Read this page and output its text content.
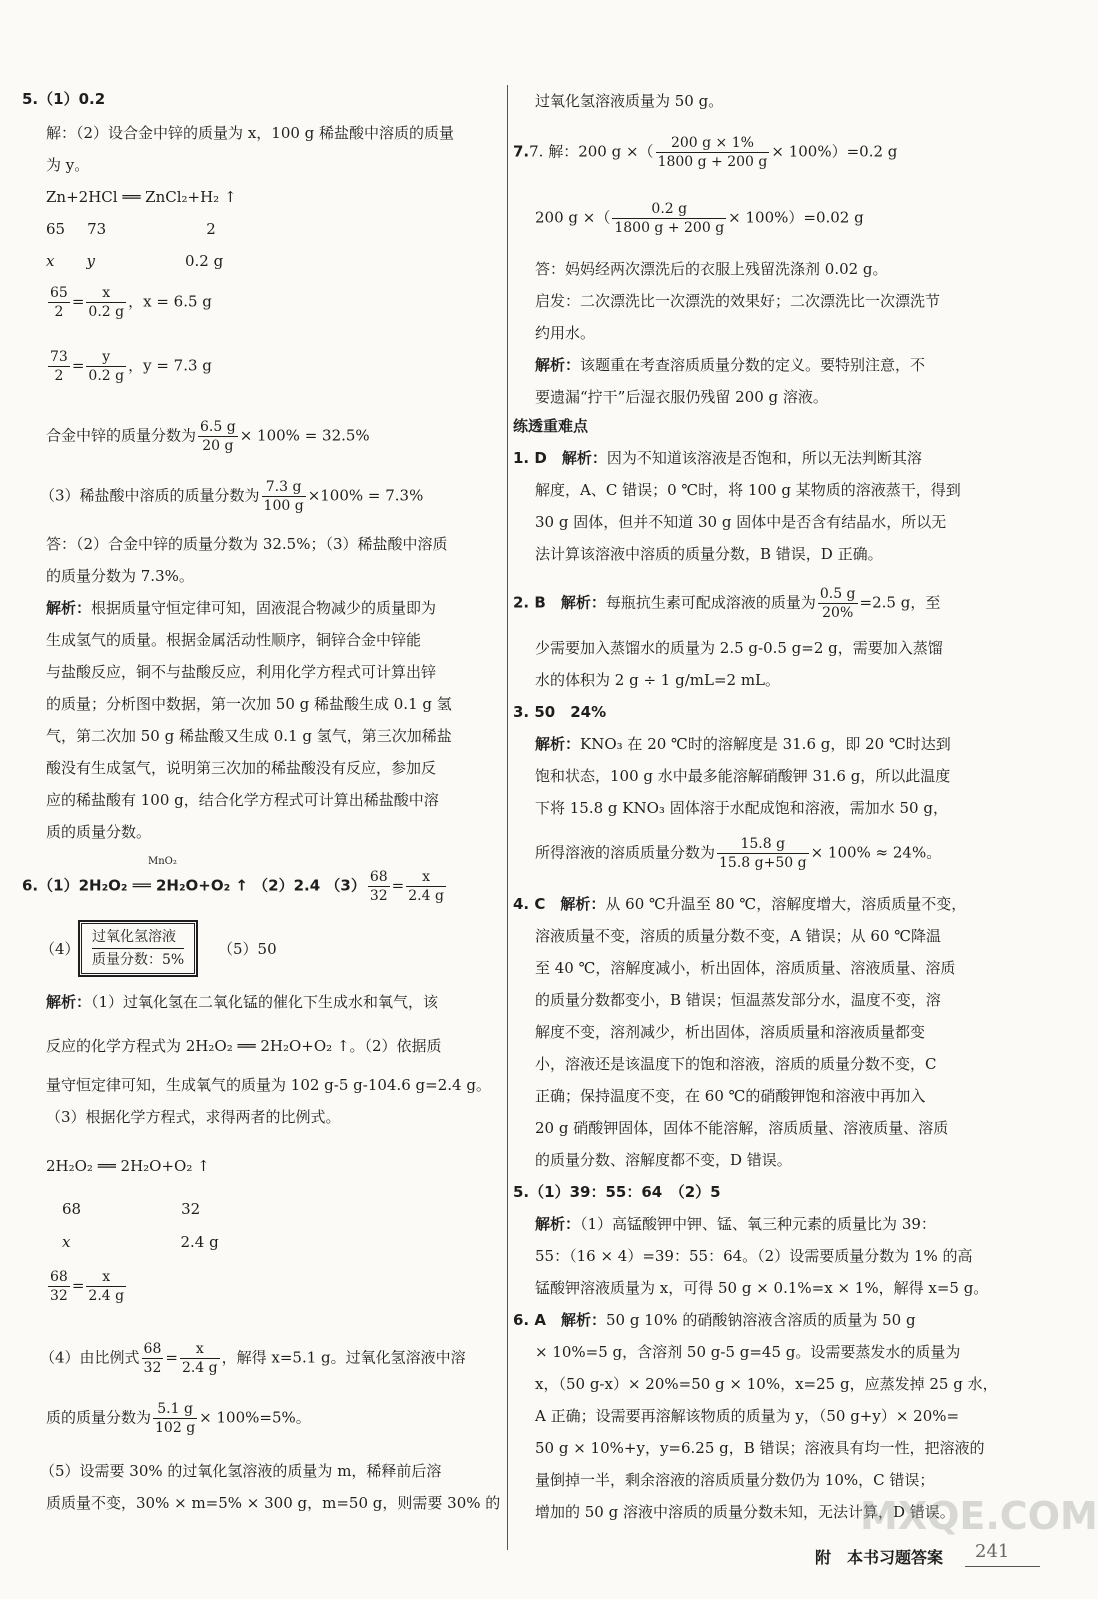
5.（1）0.2
解：（2）设合金中锌的质量为 x，100 g 稀盐酸中溶质的质量
为 y。
Zn+2HCl ══ ZnCl₂+H₂ ↑
65 73	2
x y	0.2 g
$\frac{65}{2} = \frac{x}{0.2 g}$ ，x = 6.5 g
$\frac{73}{2} = \frac{y}{0.2 g}$ ，y = 7.3 g
合金中锌的质量分数为 $\frac{6.5 g}{20 g} \times 100\% = 32.5\%$
（3）稀盐酸中溶质的质量分数为 $\frac{7.3 g}{100 g} \times 100\% = 7.3\%$
答：（2）合金中锌的质量分数为 32.5%；（3）稀盐酸中溶质
的质量分数为 7.3%。
解析：根据质量守恒定律可知，固液混合物减少的质量即为
生成氢气的质量。根据金属活动性顺序，铜锌合金中锌能
与盐酸反应，铜不与盐酸反应，利用化学方程式可计算出锌
的质量；分析图中数据，第一次加 50 g 稀盐酸生成 0.1 g 氢
气，第二次加 50 g 稀盐酸又生成 0.1 g 氢气，第三次加稀盐
酸没有生成氢气，说明第三次加的稀盐酸没有反应，参加反
应的稀盐酸有 100 g，结合化学方程式可计算出稀盐酸中溶
质的质量分数。
6.（1）2H₂O₂ ══ 2H₂O+O₂ ↑ （2）2.4 $(3) \frac{68}{32} = \frac{x}{2.4 g}$
MnO₂
（4）
过氧化氢溶液
质量分数：5%
（5）50
解析：（1）过氧化氢在二氧化锰的催化下生成水和氧气，该
反应的化学方程式为 2H₂O₂ ══ 2H₂O+O₂ ↑。（2）依据质
量守恒定律可知，生成氧气的质量为 102 g-5 g-104.6 g=2.4 g。
（3）根据化学方程式，求得两者的比例式。
2H₂O₂ ══ 2H₂O+O₂ ↑
68	32
x	2.4 g
$\frac{68}{32} = \frac{x}{2.4 g}$
（4）由比例式 $\frac{68}{32} = \frac{x}{2.4 g}$ ，解得 x=5.1 g。过氧化氢溶液中溶
质的质量分数为 $\frac{5.1 g}{102 g} \times 100\%=5\%$。
（5）设需要 30% 的过氧化氢溶液的质量为 m，稀释前后溶
质质量不变，30% × m=5% × 300 g，m=50 g，则需要 30% 的
过氧化氢溶液质量为 50 g。
7.7. 解：200 g ×（ $\frac{200 g \times 1\%}{1800 g + 200 g} \times 100\%)=0.2$ g
200 g ×（ $\frac{0.2 g}{1800 g + 200 g} \times 100\%)=0.02$ g
答：妈妈经两次漂洗后的衣服上残留洗涤剂 0.02 g。
启发：二次漂洗比一次漂洗的效果好；二次漂洗比一次漂洗节
约用水。
解析：该题重在考查溶质质量分数的定义。要特别注意，不
要遗漏“拧干”后湿衣服仍残留 200 g 溶液。
练透重难点
1. D　 解析：因为不知道该溶液是否饱和，所以无法判断其溶
解度，A、C 错误；0 ℃时，将 100 g 某物质的溶液蒸干，得到
30 g 固体，但并不知道 30 g 固体中是否含有结晶水，所以无
法计算该溶液中溶质的质量分数，B 错误，D 正确。
2. B　 解析：每瓶抗生素可配成溶液的质量为 $\frac{0.5 g}{20\%} =2.5$ g，至
少需要加入蒸馏水的质量为 2.5 g-0.5 g=2 g，需要加入蒸馏
水的体积为 2 g ÷ 1 g/mL=2 mL。
3. 50　24%
解析：KNO₃ 在 20 ℃时的溶解度是 31.6 g，即 20 ℃时达到
饱和状态，100 g 水中最多能溶解硝酸钾 31.6 g，所以此温度
下将 15.8 g KNO₃ 固体溶于水配成饱和溶液，需加水 50 g，
所得溶液的溶质质量分数为 $\frac{15.8 g}{15.8 g+50 g} \times 100\% \approx 24\%$。
4. C　 解析：从 60 ℃升温至 80 ℃，溶解度增大，溶质质量不变，
溶液质量不变，溶质的质量分数不变，A 错误；从 60 ℃降温
至 40 ℃，溶解度减小，析出固体，溶质质量、溶液质量、溶质
的质量分数都变小，B 错误；恒温蒸发部分水，温度不变，溶
解度不变，溶剂减少，析出固体，溶质质量和溶液质量都变
小，溶液还是该温度下的饱和溶液，溶质的质量分数不变，C
正确；保持温度不变，在 60 ℃的硝酸钾饱和溶液中再加入
20 g 硝酸钾固体，固体不能溶解，溶质质量、溶液质量、溶质
的质量分数、溶解度都不变，D 错误。
5.（1）39：55：64　（2）5
解析：（1）高锰酸钾中钾、锰、氧三种元素的质量比为 39：
55：（16 × 4）=39：55：64。（2）设需要质量分数为 1% 的高
锰酸钾溶液质量为 x，可得 50 g × 0.1%=x × 1%，解得 x=5 g。
6. A　 解析：50 g 10% 的硝酸钠溶液含溶质的质量为 50 g
× 10%=5 g，含溶剂 50 g-5 g=45 g。设需要蒸发水的质量为
x，（50 g-x）× 20%=50 g × 10%，x=25 g，应蒸发掉 25 g 水，
A 正确；设需要再溶解该物质的质量为 y，（50 g+y）× 20%=
50 g × 10%+y，y=6.25 g，B 错误；溶液具有均一性，把溶液的
量倒掉一半，剩余溶液的溶质质量分数仍为 10%，C 错误；
增加的 50 g 溶液中溶质的质量分数未知，无法计算，D 错误。
MXQE.COM
附　本书习题答案 241
